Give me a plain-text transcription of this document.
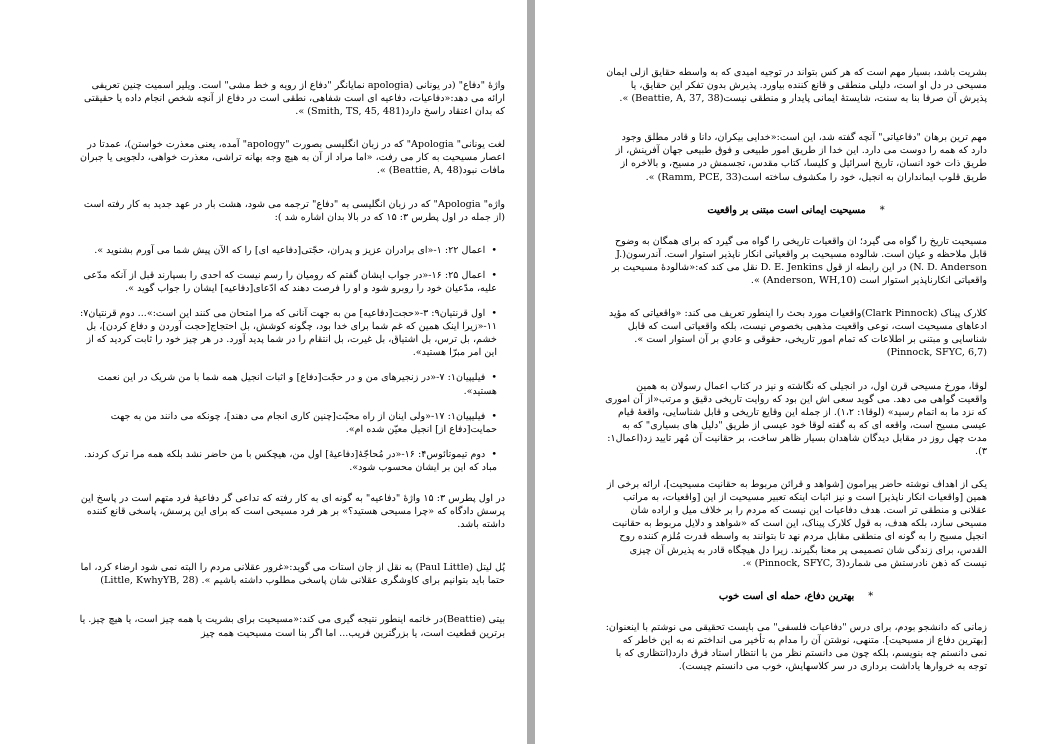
واژهٔ "دفاع" (در یونانی (apologia نمایانگر "دفاع از رویه و خط مشی" است. ویلیر اسمیت چنین تعریفی ارائه می دهد:«دفاعیات، دفاعیه ای است شفاهی، نطقی است در دفاع از آنچه شخص انجام داده یا حقیقتی که بدان اعتقاد راسخ دارد(Smith, TS, 45, 481) ».

لغت یونانی" Apologia" که در زبان انگلیسی بصورت "apology" آمده، یعنی معذرت خواستن)، عمدتا در اعصار مسیحیت به کار می رفت، «اما مراد از آن به هیچ وجه بهانه تراشی، معذرت خواهی، دلجویی یا جبران مافات نبود(Beattie, A, 48) ».

واژه" Apologia" که در زبان انگلیسی به "دفاع" ترجمه می شود، هشت بار در عهد جدید به کار رفته است (از جمله در اول پطرس ۳: ۱۵ که در بالا بدان اشاره شد ):

•اعمال ۲۲: ۱-«ای برادران عزیز و پدران، حجّتی[دفاعیه ای] را که الآن پیش شما می آورم بشنوید ».
•اعمال ۲۵: ۱۶-«در جواب ایشان گفتم که رومیان را رسم نیست که احدی را بسپارند قبل از آنکه مدّعی علیه، مدّعیان خود را روبرو شود و او را فرصت دهند که ادّعای[دفاعیه] ایشان را جواب گوید ».
•اول قرنتیان۹: ۳-«حجت[دفاعیه] من به جهت آنانی که مرا امتحان می کنند این است:»... دوم قرنتیان۷: ۱۱-«زیرا اینک همین که غم شما برای خدا بود، چگونه کوشش، بل احتجاج[حجت آوردن و دفاع کردن]، بل خشم، بل ترس، بل اشتیاق، بل غیرت، بل انتقام را در شما پدید آورد. در هر چیز خود را ثابت کردید که از این امر مبرّا هستید».
•فیلیپیان۱: ۷-«در زنجیرهای من و در حجّت[دفاع] و اثبات انجیل همه شما با من شریک در این نعمت هستید».
•فیلیپیان۱: ۱۷-«ولی اینان از راه محبّت[چنین کاری انجام می دهند]، چونکه می دانند من به جهت حمایت[دفاع از] انجیل معیّن شده ام».
•دوم تیموتائوس۴: ۱۶-«در مُحاجّۀ[دفاعیۀ] اول من، هیچکس با من حاضر نشد بلکه همه مرا ترک کردند. مباد که این بر ایشان محسوب شود».

در اول پطرس ۳: ۱۵ واژهٔ "دفاعیه" به گونه ای به کار رفته که تداعی گر دفاعیهٔ فرد متهم است در پاسخ این پرسش دادگاه که «چرا مسیحی هستید؟» بر هر فرد مسیحی است که برای این پرسش، پاسخی قانع کننده داشته باشد.

پُل لیتل (Paul Little) به نقل از جان استات می گوید:«غرور عقلانی مردم را البته نمی شود ارضاء کرد، اما حتما باید بتوانیم برای کاوشگری عقلانی شان پاسخی مطلوب داشته باشیم ». (Little, KwhyYB, 28)

بیتی (Beattie)در خاتمه اینطور نتیجه گیری می کند:«مسیحیت برای بشریت یا همه چیز است، یا هیچ چیز. یا برترین قطعیت است، یا بزرگترین فریب... اما اگر بنا است مسیحیت همه چیز

بشریت باشد، بسیار مهم است که هر کس بتواند در توجیه امیدی که به واسطه حقایق ازلی ایمان مسیحی در دل او است، دلیلی منطقی و قانع کننده بیاورد. پذیرش بدون تفکر این حقایق، یا پذیرش آن صرفا بنا به سنت، شایستهٔ ایمانی پایدار و منطقی نیست(Beattie, A, 37, 38) ».

مهم ترین برهان "دفاعیاتی" آنچه گفته شد، این است:«خدایی بیکران، دانا و قادر مطلق وجود دارد که همه را دوست می دارد. این خدا از طریق امور طبیعی و فوق طبیعی جهان آفرینش، از طریق ذات خود انسان، تاریخ اسرائیل و کلیسا، کتاب مقدس، تجسمش در مسیح، و بالاخره از طریق قلوب ایمانداران به انجیل، خود را مکشوف ساخته است(Ramm, PCE, 33) ».

*مسیحیت ایمانی است مبتنی بر واقعیت

مسیحیت تاریخ را گواه می گیرد؛ ان واقعیات تاریخی را گواه می گیرد که برای همگان به وضوح قابل ملاحظه و عیان است. شالوده مسیحیت بر واقعیاتی انکار ناپذیر استوار است. آندرسون(J. N. D. Anderson) در این رابطه از قول D. E. Jenkins نقل می کند که:«شالودهٔ مسیحیت بر واقعیاتی انکارناپذیر استوار است (Anderson, WH,10) ».

کلارک پیناک (Clark Pinnock)واقعیات مورد بحث را اینطور تعریف می کند: «واقعیاتی که مؤید ادعاهای مسیحیت است، نوعی واقعیت مذهبی بخصوص نیست، بلکه واقعیاتی است که قابل شناسایی و مبتنی بر اطلاعات که تمام امور تاریخی، حقوقی و عادي بر آن استوار است ». (Pinnock, SFYC, 6,7)

لوقا، مورخ مسیحی قرن اول، در انجیلی که نگاشته و نیز در کتاب اعمال رسولان به همین واقعیت گواهی می دهد. می گوید سعی اش این بود که روایت تاریخی دقیق و مرتب«از آن اموری که نزد ما به اتمام رسید» (لوقا۱: ۱،۲). از جمله این وقایع تاریخی و قابل شناسایی، واقعهٔ قیام عیسی مسیح است، واقعه ای که به گفته لوقا خود عیسی از طریق "دلیل های بسیاری" که به مدت چهل روز در مقابل دیدگان شاهدان بسیار ظاهر ساخت، بر حقانیت آن مُهر تایید زد(اعمال۱: ۳).

یکی از اهداف نوشته حاضر پیرامون [شواهد و قرائن مربوط به حقانیت مسیحیت]، ارائه برخی از همین [واقعیات انکار ناپذیر] است و نیز اثبات اینکه تعبیر مسیحیت از این [واقعیات، به مراتب عقلانی و منطقی تر است. هدف دفاعیات این نیست که مردم را بر خلاف میل و اراده شان مسیحی سازد، بلکه هدف، به قول کلارک پیناک، این است که «شواهد و دلایل مربوط به حقانیت انجیل مسیح را به گونه ای منطقی مقابل مردم نهد تا بتوانند به واسطه قدرت مُلزم کننده روح القدس، برای زندگی شان تصمیمی پر معنا بگیرند. زیرا دل هیچگاه قادر به پذیرش آن چیزی نیست که ذهن نادرستش می شمارد(Pinnock, SFYC, 3) ».

*بهترین دفاع، حمله ای است خوب

زمانی که دانشجو بودم، برای درس "دفاعیات فلسفی" می بایست تحقیقی می نوشتم با اینعنوان:[بهترین دفاع از مسیحیت]. متنهی، نوشتن آن را مدام به تأخیر می انداختم نه به این خاطر که نمی دانستم چه بنویسم، بلکه چون می دانستم نظر من با انتظار استاد فرق دارد(انتظاری که با توجه به خروارها یاداشت برداری در سر کلاسهایش، خوب می دانستم چیست).
